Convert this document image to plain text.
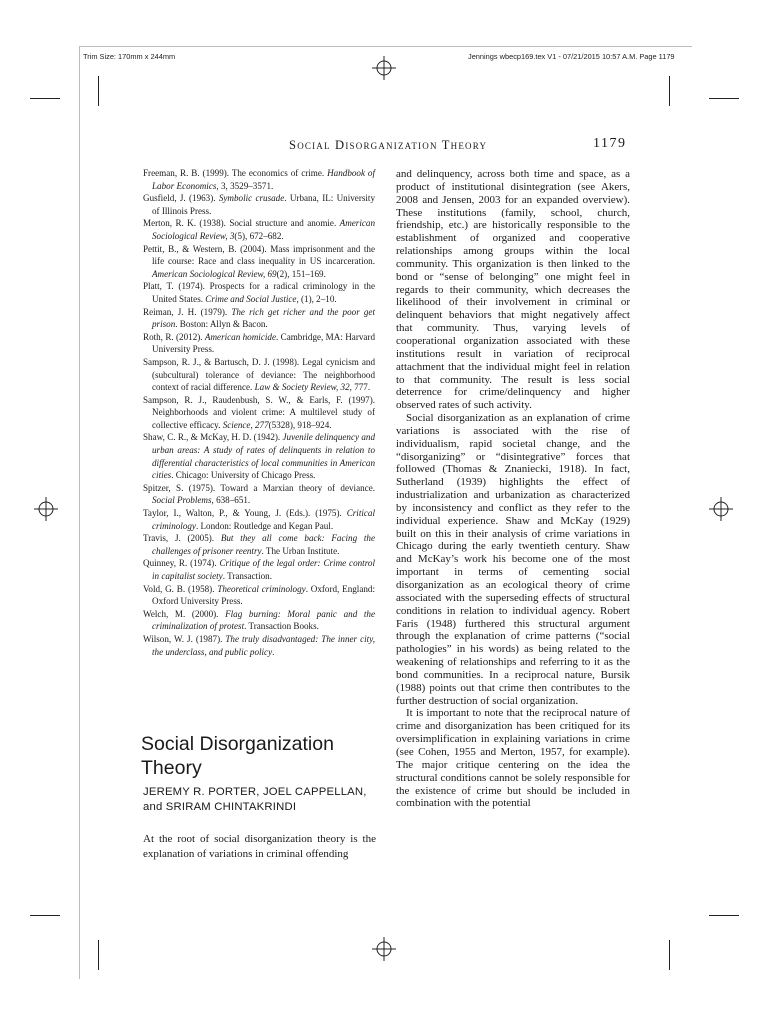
Trim Size: 170mm x 244mm	Jennings wbecp169.tex V1 - 07/21/2015 10:57 A.M. Page 1179
Social Disorganization Theory	1179

Freeman, R. B. (1999). The economics of crime. Handbook of Labor Economics, 3, 3529–3571.

Gusfield, J. (1963). Symbolic crusade. Urbana, IL: University of Illinois Press.

Merton, R. K. (1938). Social structure and anomie. American Sociological Review, 3(5), 672–682.

Pettit, B., & Western, B. (2004). Mass imprisonment and the life course: Race and class inequality in US incarceration. American Sociological Review, 69(2), 151–169.

Platt, T. (1974). Prospects for a radical criminology in the United States. Crime and Social Justice, (1), 2–10.

Reiman, J. H. (1979). The rich get richer and the poor get prison. Boston: Allyn & Bacon.

Roth, R. (2012). American homicide. Cambridge, MA: Harvard University Press.

Sampson, R. J., & Bartusch, D. J. (1998). Legal cynicism and (subcultural) tolerance of deviance: The neighborhood context of racial difference. Law & Society Review, 32, 777.

Sampson, R. J., Raudenbush, S. W., & Earls, F. (1997). Neighborhoods and violent crime: A multilevel study of collective efficacy. Science, 277(5328), 918–924.

Shaw, C. R., & McKay, H. D. (1942). Juvenile delinquency and urban areas: A study of rates of delinquents in relation to differential characteristics of local communities in American cities. Chicago: University of Chicago Press.

Spitzer, S. (1975). Toward a Marxian theory of deviance. Social Problems, 638–651.

Taylor, I., Walton, P., & Young, J. (Eds.). (1975). Critical criminology. London: Routledge and Kegan Paul.

Travis, J. (2005). But they all come back: Facing the challenges of prisoner reentry. The Urban Institute.

Quinney, R. (1974). Critique of the legal order: Crime control in capitalist society. Transaction.

Vold, G. B. (1958). Theoretical criminology. Oxford, England: Oxford University Press.

Welch, M. (2000). Flag burning: Moral panic and the criminalization of protest. Transaction Books.

Wilson, W. J. (1987). The truly disadvantaged: The inner city, the underclass, and public policy.

Social Disorganization Theory
JEREMY R. PORTER, JOEL CAPPELLAN,
and SRIRAM CHINTAKRINDI

At the root of social disorganization theory is the explanation of variations in criminal offending

and delinquency, across both time and space, as a product of institutional disintegration (see Akers, 2008 and Jensen, 2003 for an expanded overview). These institutions (family, school, church, friendship, etc.) are historically responsible to the establishment of organized and cooperative relationships among groups within the local community. This organization is then linked to the bond or “sense of belonging” one might feel in regards to their community, which decreases the likelihood of their involvement in criminal or delinquent behaviors that might negatively affect that community. Thus, varying levels of cooperational organization associated with these institutions result in variation of reciprocal attachment that the individual might feel in relation to that community. The result is less social deterrence for crime/delinquency and higher observed rates of such activity.

Social disorganization as an explanation of crime variations is associated with the rise of individualism, rapid societal change, and the “disorganizing” or “disintegrative” forces that followed (Thomas & Znaniecki, 1918). In fact, Sutherland (1939) highlights the effect of industrialization and urbanization as characterized by inconsistency and conflict as they refer to the individual experience. Shaw and McKay (1929) built on this in their analysis of crime variations in Chicago during the early twentieth century. Shaw and McKay’s work his become one of the most important in terms of cementing social disorganization as an ecological theory of crime associated with the superseding effects of structural conditions in relation to individual agency. Robert Faris (1948) furthered this structural argument through the explanation of crime patterns (“social pathologies” in his words) as being related to the weakening of relationships and referring to it as the bond communities. In a reciprocal nature, Bursik (1988) points out that crime then contributes to the further destruction of social organization.

It is important to note that the reciprocal nature of crime and disorganization has been critiqued for its oversimplification in explaining variations in crime (see Cohen, 1955 and Merton, 1957, for example). The major critique centering on the idea the structural conditions cannot be solely responsible for the existence of crime but should be included in combination with the potential
